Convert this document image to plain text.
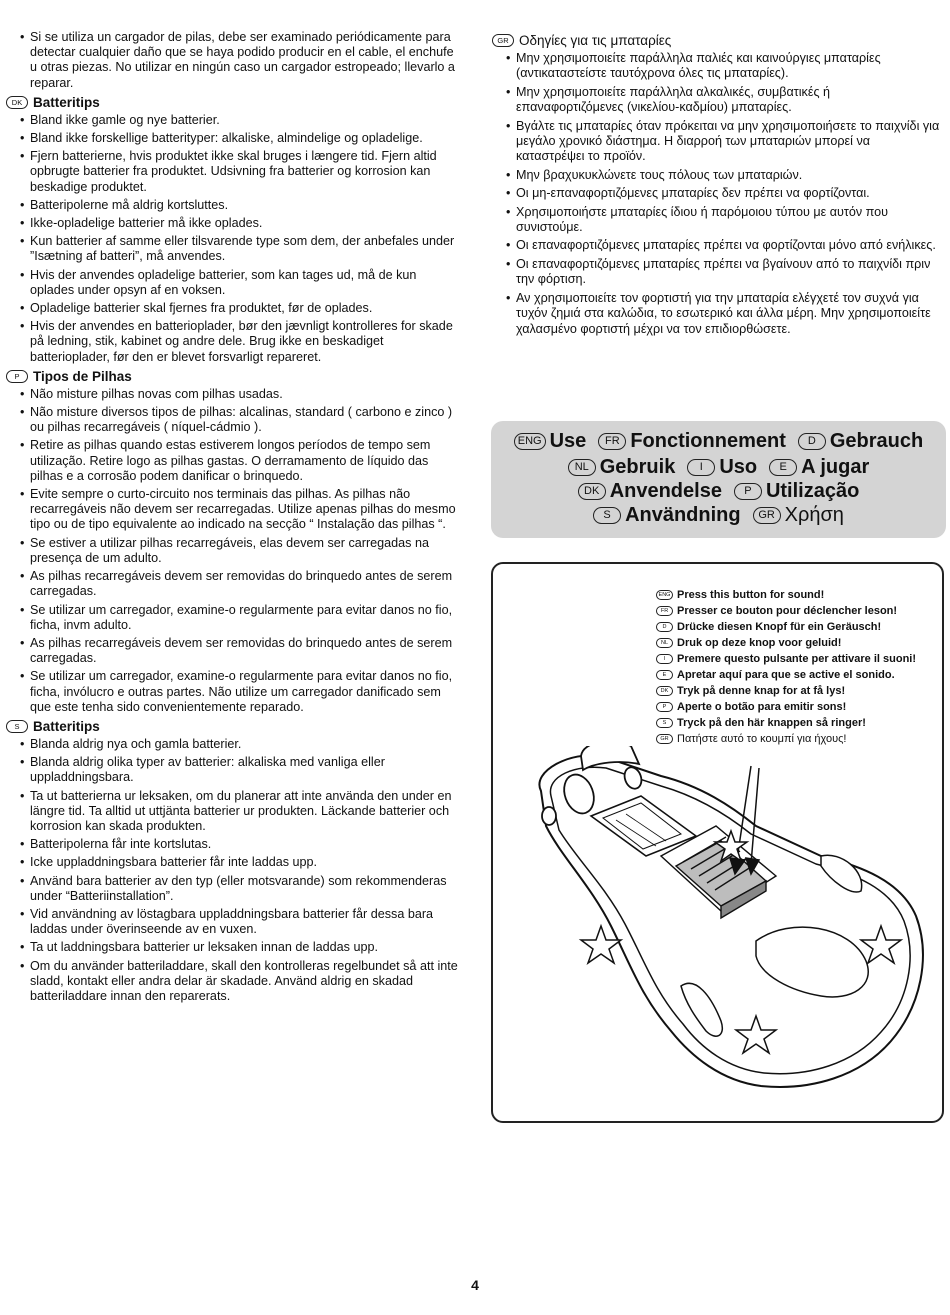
• Si se utiliza un cargador de pilas, debe ser examinado periódicamente para detectar cualquier daño que se haya podido producir en el cable, el enchufe u otras piezas. No utilizar en ningún caso un cargador estropeado; llevarlo a reparar.
DK Batteritips
• Bland ikke gamle og nye batterier.
• Bland ikke forskellige batterityper: alkaliske, almindelige og opladelige.
• Fjern batterierne, hvis produktet ikke skal bruges i længere tid. Fjern altid opbrugte batterier fra produktet. Udsivning fra batterier og korrosion kan beskadige produktet.
• Batteripolerne må aldrig kortsluttes.
• Ikke-opladelige batterier må ikke oplades.
• Kun batterier af samme eller tilsvarende type som dem, der anbefales under ”Isætning af batteri”, må anvendes.
• Hvis der anvendes opladelige batterier, som kan tages ud, må de kun oplades under opsyn af en voksen.
• Opladelige batterier skal fjernes fra produktet, før de oplades.
• Hvis der anvendes en batterioplader, bør den jævnligt kontrolleres for skade på ledning, stik, kabinet og andre dele. Brug ikke en beskadiget batterioplader, før den er blevet forsvarligt repareret.
P	Tipos de Pilhas
• Não misture pilhas novas com pilhas usadas.
• Não misture diversos tipos de pilhas: alcalinas, standard ( carbono e zinco ) ou pilhas recarregáveis ( níquel-cádmio ).
• Retire as pilhas quando estas estiverem longos períodos de tempo sem utilização. Retire logo as pilhas gastas. O derramamento de líquido das pilhas e a corrosão podem danificar o brinquedo.
• Evite sempre o curto-circuito nos terminais das pilhas. As pilhas não recarregáveis não devem ser recarregadas. Utilize apenas pilhas do mesmo tipo ou de tipo equivalente ao indicado na secção “ Instalação das pilhas “.
• Se estiver a utilizar pilhas recarregáveis, elas devem ser carregadas na presença de um adulto.
• As pilhas recarregáveis devem ser removidas do brinquedo antes de serem carregadas.
• Se utilizar um carregador, examine-o regularmente para evitar danos no fio, ficha, invm adulto.
• As pilhas recarregáveis devem ser removidas do brinquedo antes de serem carregadas.
• Se utilizar um carregador, examine-o regularmente para evitar danos no fio, ficha, invólucro e outras partes. Não utilize um carregador danificado sem que este tenha sido convenientemente reparado.
S	Batteritips
• Blanda aldrig nya och gamla batterier.
• Blanda aldrig olika typer av batterier: alkaliska med vanliga eller uppladdningsbara.
• Ta ut batterierna ur leksaken, om du planerar att inte använda den under en längre tid. Ta alltid ut uttjänta batterier ur produkten. Läckande batterier och korrosion kan skada produkten.
• Batteripolerna får inte kortslutas.
• Icke uppladdningsbara batterier får inte laddas upp.
• Använd bara batterier av den typ (eller motsvarande) som rekommenderas under “Batteriinstallation”.
• Vid användning av löstagbara uppladdningsbara batterier får dessa bara laddas under överinseende av en vuxen.
• Ta ut laddningsbara batterier ur leksaken innan de laddas upp.
• Om du använder batteriladdare, skall den kontrolleras regelbundet så att inte sladd, kontakt eller andra delar är skadade. Använd aldrig en skadad batteriladdare innan den reparerats.
GR Οδηγίες για τις μπαταρίες
• Μην χρησιμοποιείτε παράλληλα παλιές και καινούργιες μπαταρίες (αντικαταστείστε ταυτόχρονα όλες τις μπαταρίες).
• Μην χρησιμοποιείτε παράλληλα αλκαλικές, συμβατικές ή επαναφορτιζόμενες (νικελίου-καδμίου) μπαταρίες.
• Βγάλτε τις μπαταρίες όταν πρόκειται να μην χρησιμοποιήσετε το παιχνίδι για μεγάλο χρονικό διάστημα. Η διαρροή των μπαταριών μπορεί να καταστρέψει το προϊόν.
• Μην βραχυκυκλώνετε τους πόλους των μπαταριών.
• Οι μη-επαναφορτιζόμενες μπαταρίες δεν πρέπει να φορτίζονται.
• Χρησιμοποιήστε μπαταρίες ίδιου ή παρόμοιου τύπου με αυτόν που συνιστούμε.
• Οι επαναφορτιζόμενες μπαταρίες πρέπει να φορτίζονται μόνο από ενήλικες.
• Οι επαναφορτιζόμενες μπαταρίες πρέπει να βγαίνουν από το παιχνίδι πριν την φόρτιση.
• Αν χρησιμοποιείτε τον φορτιστή για την μπαταρία ελέγχετέ τον συχνά για τυχόν ζημιά στα καλώδια, το εσωτερικό και άλλα μέρη. Μην χρησιμοποιείτε χαλασμένο φορτιστή μέχρι να τον επιδιορθώσετε.
ENG Use	FR Fonctionnement	D Gebrauch
NL Gebruik	I Uso	E A jugar
DK Anvendelse	P Utilização
S Användning	GR Χρήση
ENG Press this button for sound!
FR Presser ce bouton pour déclencher leson!
D Drücke diesen Knopf für ein Geräusch!
NL Druk op deze knop voor geluid!
I	Premere questo pulsante per attivare il suoni!
E Apretar aquí para que se active el sonido.
DK Tryk på denne knap for at få lys!
P Aperte o botão para emitir sons!
S Tryck på den här knappen så ringer!
GR Πατήστε αυτό το κουμπί για ήχους!
4
